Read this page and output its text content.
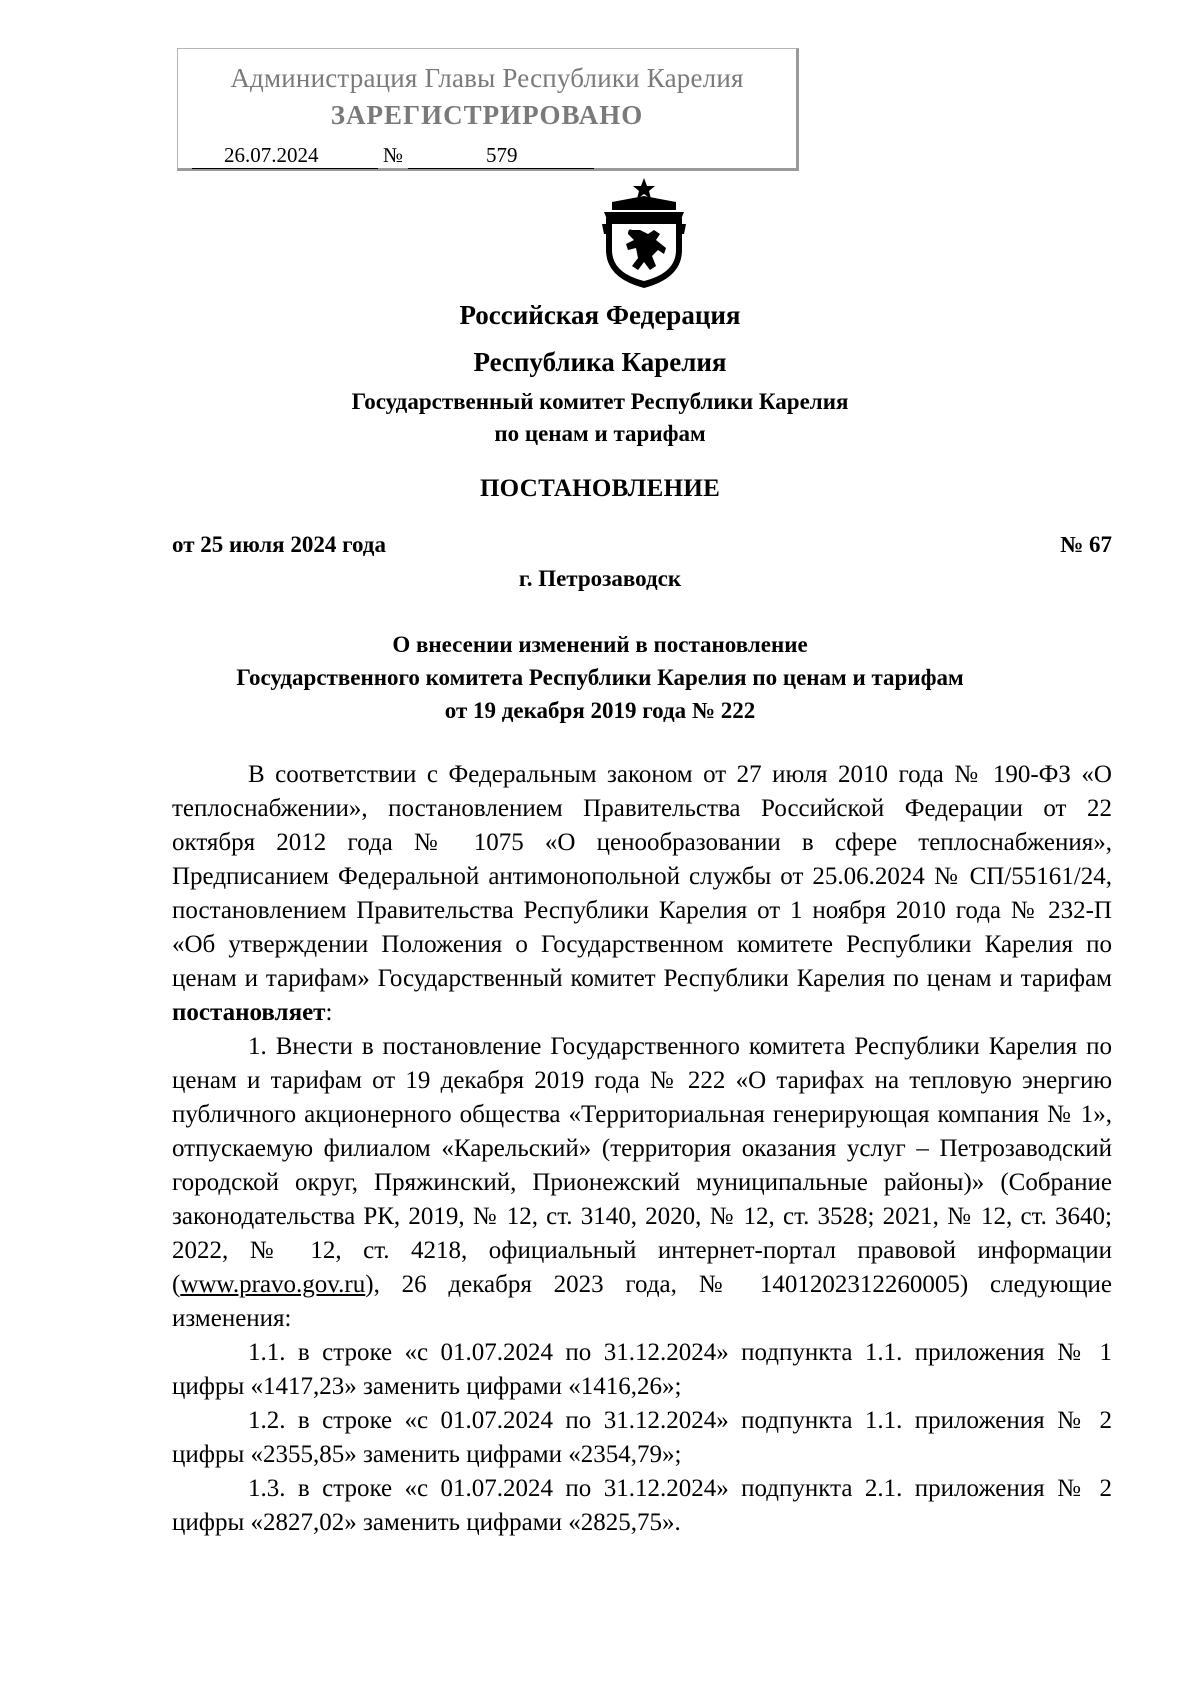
Администрация Главы Республики Карелия
ЗАРЕГИСТРИРОВАНО
26.07.2024	№	579
Российская Федерация
Республика Карелия
Государственный комитет Республики Карелия
по ценам и тарифам
ПОСТАНОВЛЕНИЕ
от 25 июля 2024 года	№ 67
г. Петрозаводск
О внесении изменений в постановление
Государственного комитета Республики Карелия по ценам и тарифам
от 19 декабря 2019 года № 222

В соответствии с Федеральным законом от 27 июля 2010 года № 190-ФЗ «О теплоснабжении», постановлением Правительства Российской Федерации от 22 октября 2012 года № 1075 «О ценообразовании в сфере теплоснабжения», Предписанием Федеральной антимонопольной службы от 25.06.2024 № СП/55161/24, постановлением Правительства Республики Карелия от 1 ноября 2010 года № 232-П «Об утверждении Положения о Государственном комитете Республики Карелия по ценам и тарифам» Государственный комитет Республики Карелия по ценам и тарифам постановляет:

1. Внести в постановление Государственного комитета Республики Карелия по ценам и тарифам от 19 декабря 2019 года № 222 «О тарифах на тепловую энергию публичного акционерного общества «Территориальная генерирующая компания № 1», отпускаемую филиалом «Карельский» (территория оказания услуг – Петрозаводский городской округ, Пряжинский, Прионежский муниципальные районы)» (Собрание законодательства РК, 2019, № 12, ст. 3140, 2020, № 12, ст. 3528; 2021, № 12, ст. 3640; 2022, № 12, ст. 4218, официальный интернет-портал правовой информации (www.pravo.gov.ru), 26 декабря 2023 года, № 1401202312260005) следующие изменения:

1.1. в строке «с 01.07.2024 по 31.12.2024» подпункта 1.1. приложения № 1 цифры «1417,23» заменить цифрами «1416,26»;

1.2. в строке «с 01.07.2024 по 31.12.2024» подпункта 1.1. приложения № 2 цифры «2355,85» заменить цифрами «2354,79»;

1.3. в строке «с 01.07.2024 по 31.12.2024» подпункта 2.1. приложения № 2 цифры «2827,02» заменить цифрами «2825,75».
